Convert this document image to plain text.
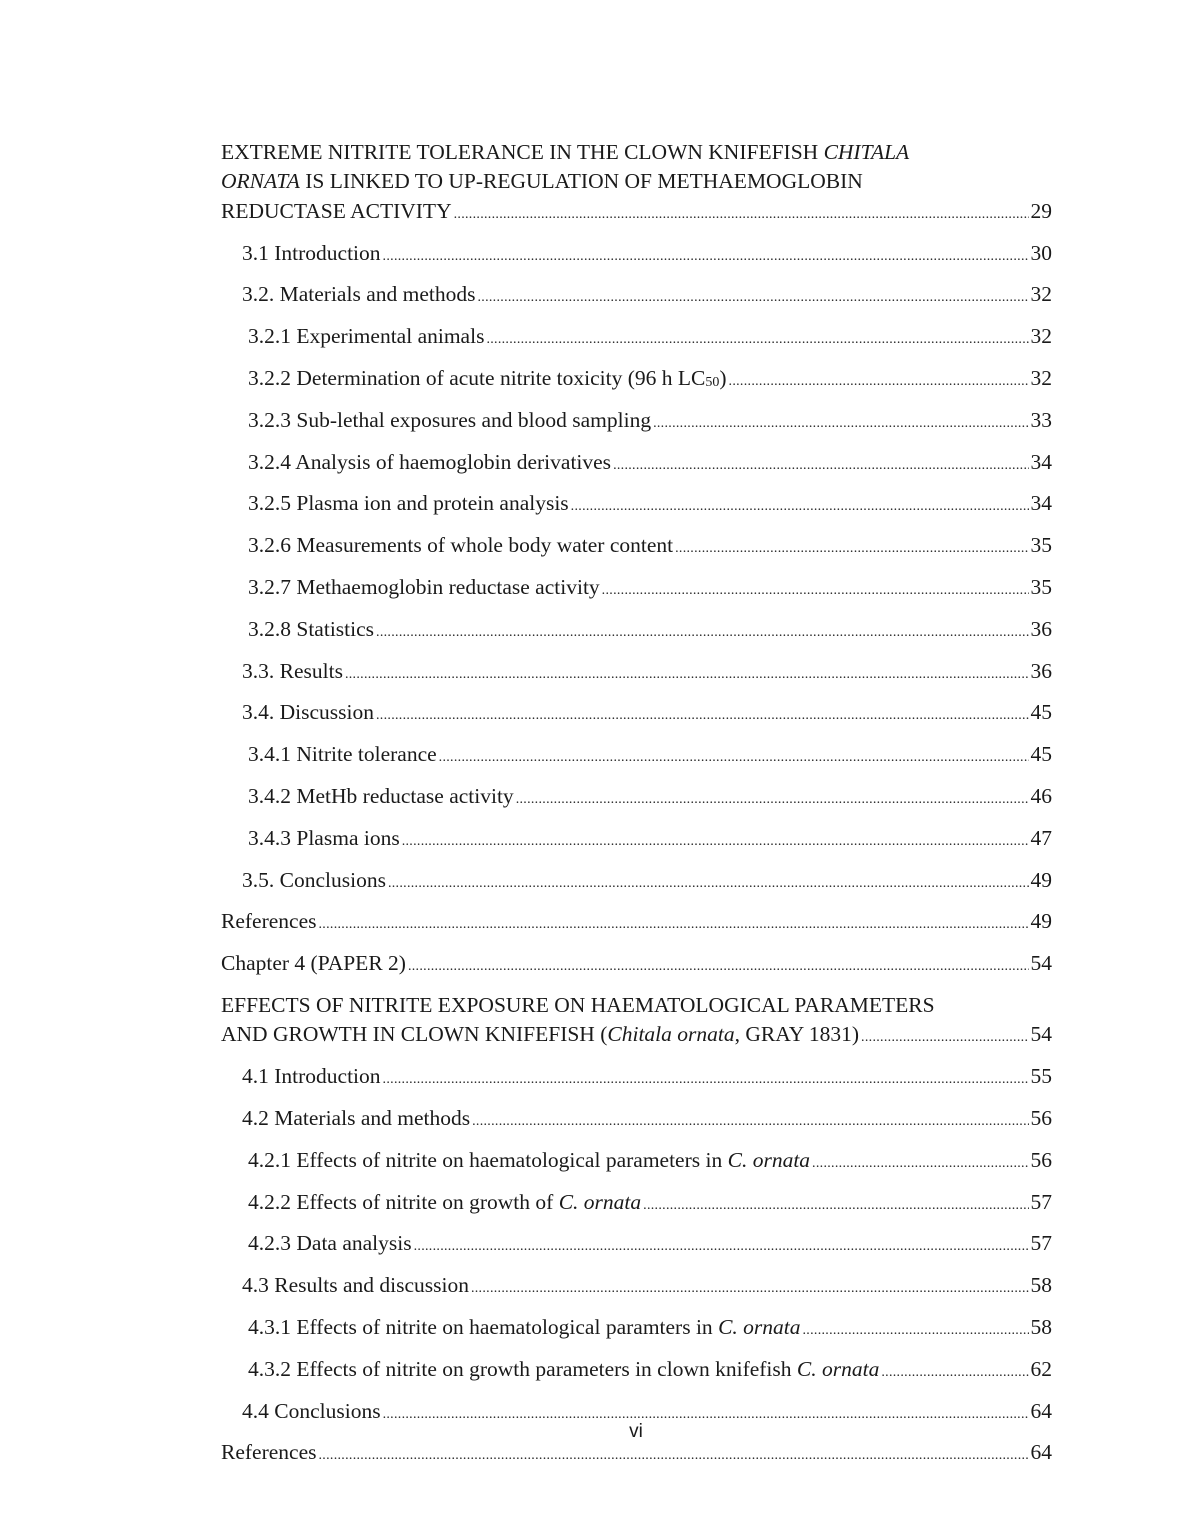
EXTREME NITRITE TOLERANCE IN THE CLOWN KNIFEFISH CHITALA
ORNATA IS LINKED TO UP-REGULATION OF METHAEMOGLOBIN
REDUCTASE ACTIVITY .....	29
3.1 Introduction .....	30
3.2. Materials and methods .....	32
3.2.1 Experimental animals .....	32
3.2.2 Determination of acute nitrite toxicity (96 h $LC_{50}$) .....	32
3.2.3 Sub-lethal exposures and blood sampling .....	33
3.2.4 Analysis of haemoglobin derivatives .....	34
3.2.5 Plasma ion and protein analysis .....	34
3.2.6 Measurements of whole body water content .....	35
3.2.7 Methaemoglobin reductase activity .....	35
3.2.8 Statistics .....	36
3.3. Results .....	36
3.4. Discussion .....	45
3.4.1 Nitrite tolerance .....	45
3.4.2 MetHb reductase activity .....	46
3.4.3 Plasma ions .....	47
3.5. Conclusions .....	49
References .....	49
Chapter 4 (PAPER 2) .....	54
EFFECTS OF NITRITE EXPOSURE ON HAEMATOLOGICAL PARAMETERS
AND GROWTH IN CLOWN KNIFEFISH (Chitala ornata, GRAY 1831) .....	54
4.1 Introduction .....	55
4.2 Materials and methods .....	56
4.2.1 Effects of nitrite on haematological parameters in C. ornata .....	56
4.2.2 Effects of nitrite on growth of C. ornata .....	57
4.2.3 Data analysis .....	57
4.3 Results and discussion .....	58
4.3.1 Effects of nitrite on haematological paramters in C. ornata .....	58
4.3.2 Effects of nitrite on growth parameters in clown knifefish C. ornata .....	62
4.4 Conclusions .....	64
References .....	64
vi
